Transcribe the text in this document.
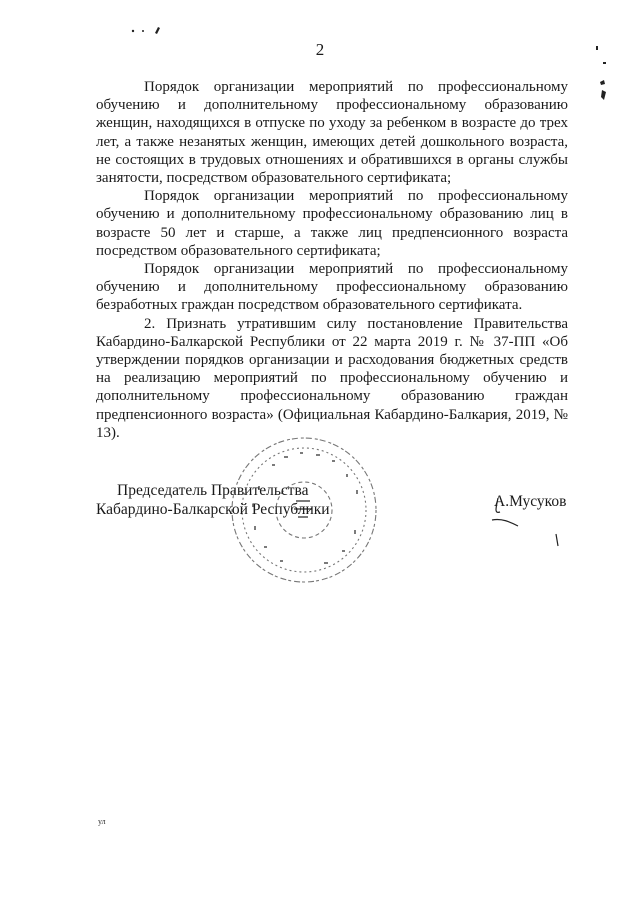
2

Порядок организации мероприятий по профессиональному обучению и дополнительному профессиональному образованию женщин, находящихся в отпуске по уходу за ребенком в возрасте до трех лет, а также незанятых женщин, имеющих детей дошкольного возраста, не состоящих в трудовых отношениях и обратившихся в органы службы занятости, посредством образовательного сертификата;

Порядок организации мероприятий по профессиональному обучению и дополнительному профессиональному образованию лиц в возрасте 50 лет и старше, а также лиц предпенсионного возраста посредством образовательного сертификата;

Порядок организации мероприятий по профессиональному обучению и дополнительному профессиональному образованию безработных граждан посредством образовательного сертификата.

2. Признать утратившим силу постановление Правительства Кабардино-Балкарской Республики от 22 марта 2019 г. № 37-ПП «Об утверждении порядков организации и расходования бюджетных средств на реализацию мероприятий по профессиональному обучению и дополнительному профессиональному образованию граждан предпенсионного возраста» (Официальная Кабардино-Балкария, 2019, № 13).

Председатель Правительства
Кабардино-Балкарской Республики	А.Мусуков
ул
